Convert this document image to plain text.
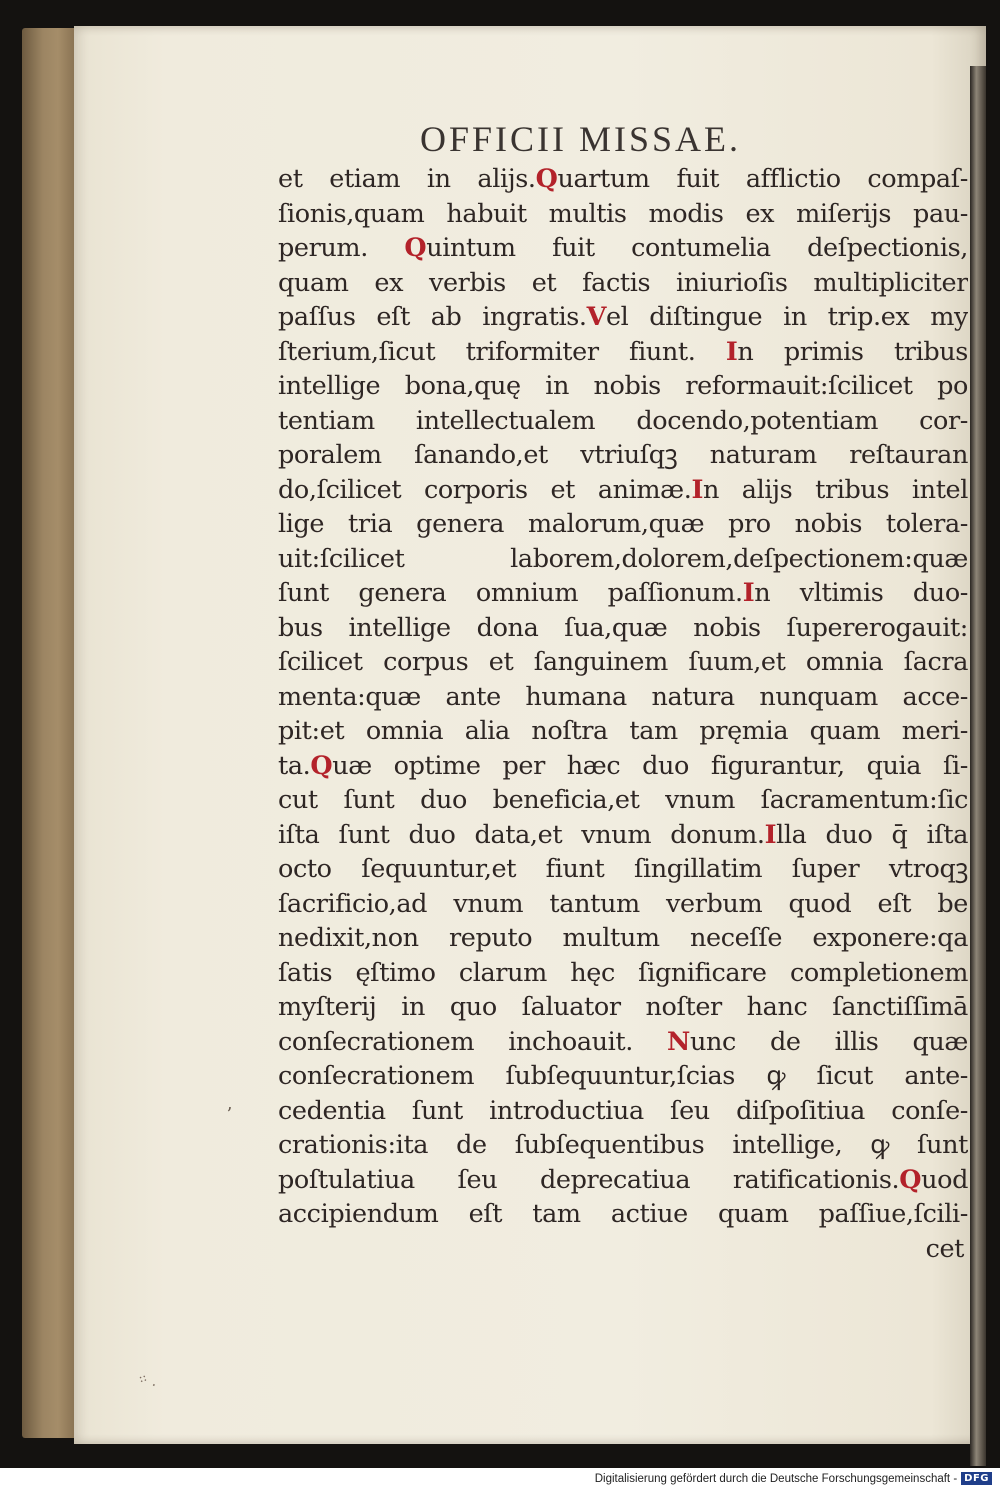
OFFICII MISSAE.
et etiam in alijs.Quartum fuit afflictio compaſ-
ſionis,quam habuit multis modis ex miſerijs pau-
perum. Quintum fuit contumelia deſpectionis,
quam ex verbis et factis iniurioſis multipliciter
paſſus eſt ab ingratis.Vel diſtingue in trip.ex my
ſterium,ſicut triformiter fiunt. In primis tribus
intellige bona,quę in nobis reformauit:ſcilicet po
tentiam intellectualem docendo,potentiam cor-
poralem ſanando,et vtriuſqꝫ naturam reſtauran
do,ſcilicet corporis et animæ.In alijs tribus intel
lige tria genera malorum,quæ pro nobis tolera-
uit:ſcilicet laborem,dolorem,deſpectionem:quæ
ſunt genera omnium paſſionum.In vltimis duo-
bus intellige dona ſua,quæ nobis ſupererogauit:
ſcilicet corpus et ſanguinem ſuum,et omnia ſacra
menta:quæ ante humana natura nunquam acce-
pit:et omnia alia noſtra tam pręmia quam meri-
ta.Quæ optime per hæc duo figurantur, quia ſi-
cut ſunt duo beneficia,et vnum ſacramentum:ſic
iſta ſunt duo data,et vnum donum.Illa duo q̄ iſta
octo ſequuntur,et fiunt ſingillatim ſuper vtroqꝫ
ſacrificio,ad vnum tantum verbum quod eſt be
nedixit,non reputo multum neceſſe exponere:qa
ſatis ęſtimo clarum hęc ſignificare completionem
myſterij in quo ſaluator noſter hanc ſanctiſſimā
conſecrationem inchoauit. Nunc de illis quæ
conſecrationem ſubſequuntur,ſcias ꝙ ſicut ante-
cedentia ſunt introductiua ſeu diſpoſitiua conſe-
crationis:ita de ſubſequentibus intellige, ꝙ ſunt
poſtulatiua ſeu deprecatiua ratificationis.Quod
accipiendum eſt tam actiue quam paſſiue,ſcili-
cet
ʼ
⁘ ·
Digitalisierung gefördert durch die Deutsche Forschungsgemeinschaft - DFG
